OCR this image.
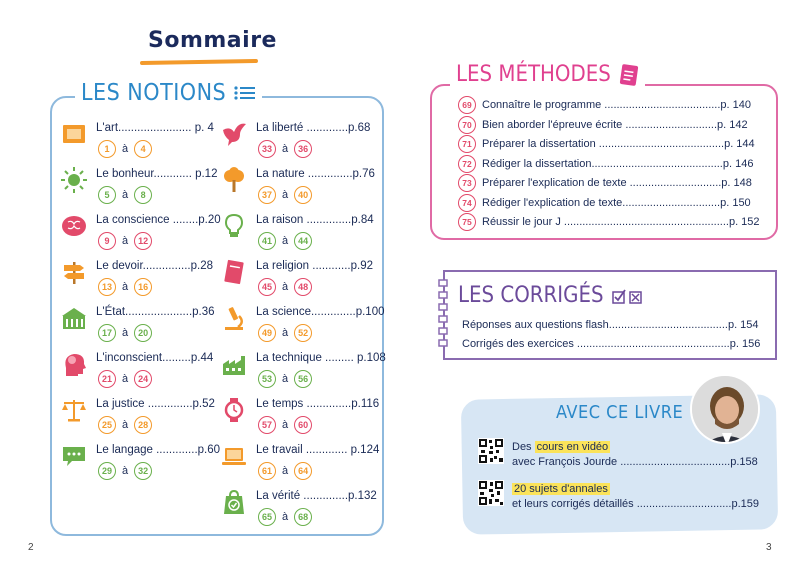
Sommaire
LES NOTIONS
L'art....................... p. 4
1	à	4
Le bonheur............ p.12
5	à	8
La conscience ........p.20
9	à	12
Le devoir...............p.28
13 à	16
L'État.....................p.36
17 à	20
L'inconscient.........p.44
21 à	24
La justice ..............p.52
25 à	28
Le langage .............p.60
29 à	32
La liberté .............p.68
33 à	36
La nature ..............p.76
37 à	40
La raison ..............p.84
41 à	44
La religion ............p.92
45 à	48
La science..............p.100
49 à	52
La technique ......... p.108
53 à	56
Le temps ..............p.116
57 à	60
Le travail ............. p.124
61 à	64
La vérité ..............p.132
65 à	68
LES MÉTHODES
69 Connaître le programme ......................................p. 140
70 Bien aborder l'épreuve écrite ..............................p. 142
71 Préparer la dissertation .........................................p. 144
72 Rédiger la dissertation...........................................p. 146
73 Préparer l'explication de texte ..............................p. 148
74 Rédiger l'explication de texte................................p. 150
75 Réussir le jour J ......................................................p. 152
LES CORRIGÉS
Réponses aux questions flash.......................................p. 154
Corrigés des exercices ..................................................p. 156
AVEC CE LIVRE
Des cours en vidéo
avec François Jourde ....................................p.158
20 sujets d'annales
et leurs corrigés détaillés ...............................p.159
2	3
